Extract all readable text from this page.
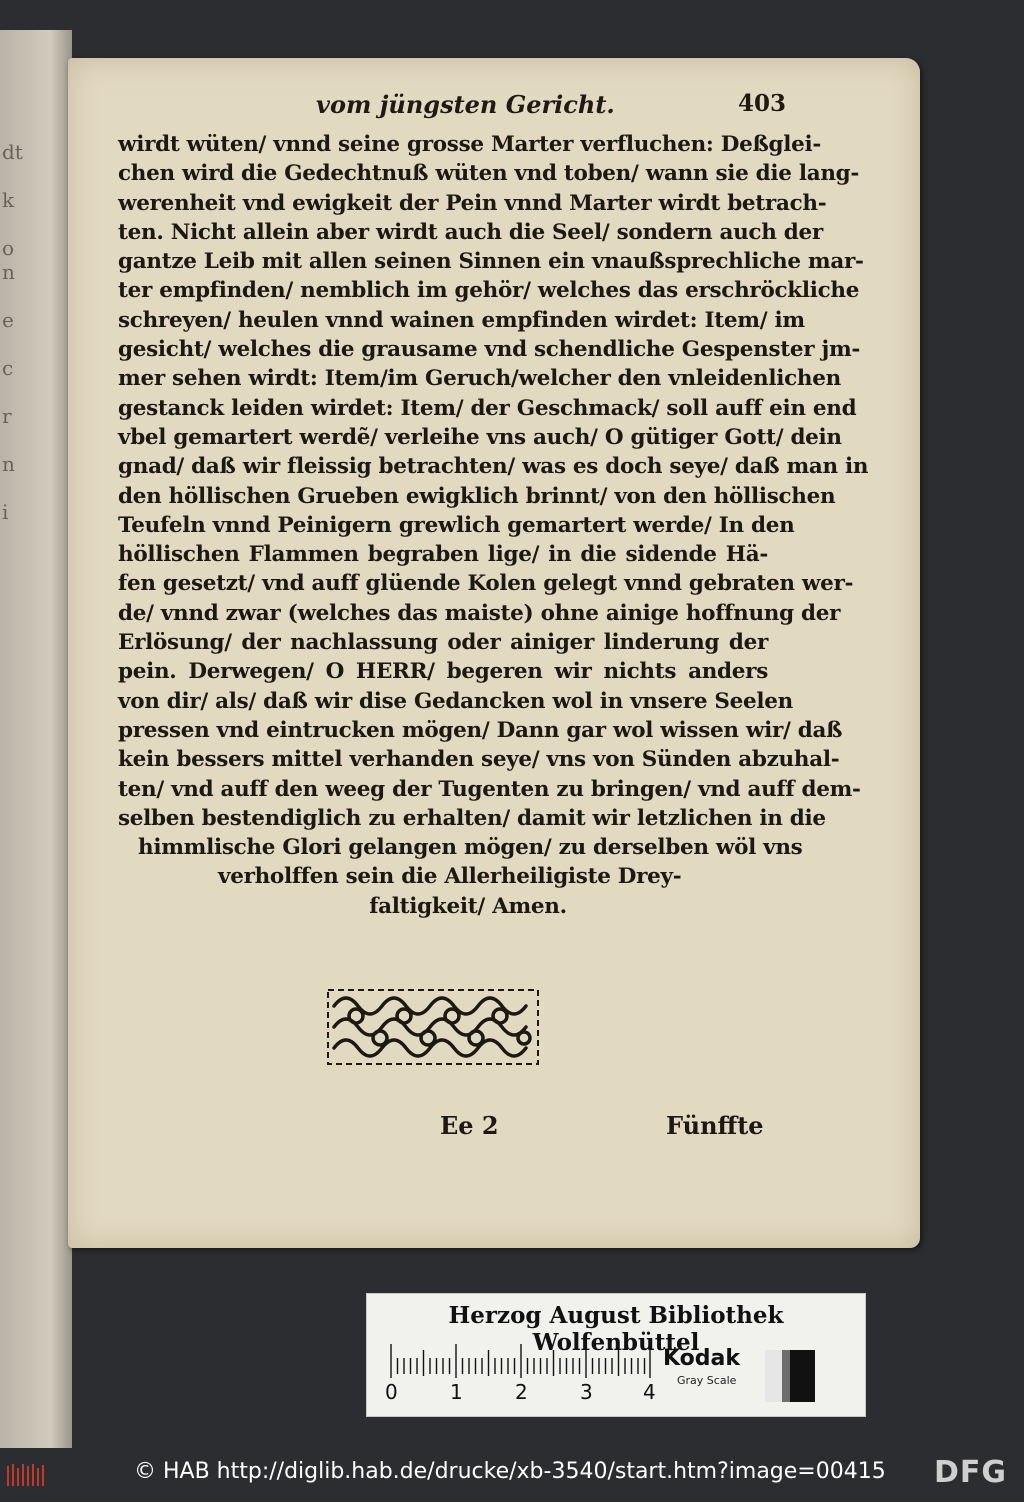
dt

k

o
n

e

c

r

n

i
vom jüngsten Gericht.	403
wirdt wüten/ vnnd seine grosse Marter verfluchen: Deßglei-
chen wird die Gedechtnuß wüten vnd toben/ wann sie die lang-
werenheit vnd ewigkeit der Pein vnnd Marter wirdt betrach-
ten. Nicht allein aber wirdt auch die Seel/ sondern auch der
gantze Leib mit allen seinen Sinnen ein vnaußsprechliche mar-
ter empfinden/ nemblich im gehör/ welches das erschröckliche
schreyen/ heulen vnnd wainen empfinden wirdet: Item/ im
gesicht/ welches die grausame vnd schendliche Gespenster jm-
mer sehen wirdt: Item/im Geruch/welcher den vnleidenlichen
gestanck leiden wirdet: Item/ der Geschmack/ soll auff ein end
vbel gemartert werdẽ/ verleihe vns auch/ O gütiger Gott/ dein
gnad/ daß wir fleissig betrachten/ was es doch seye/ daß man in
den höllischen Grueben ewigklich brinnt/ von den höllischen
Teufeln vnnd Peinigern grewlich gemartert werde/ In den
höllischen Flammen begraben lige/ in die sidende Hä-
fen gesetzt/ vnd auff glüende Kolen gelegt vnnd gebraten wer-
de/ vnnd zwar (welches das maiste) ohne ainige hoffnung der
Erlösung/ der nachlassung oder ainiger linderung der
pein. Derwegen/ O HERR/ begeren wir nichts anders
von dir/ als/ daß wir dise Gedancken wol in vnsere Seelen
pressen vnd eintrucken mögen/ Dann gar wol wissen wir/ daß
kein bessers mittel verhanden seye/ vns von Sünden abzuhal-
ten/ vnd auff den weeg der Tugenten zu bringen/ vnd auff dem-
selben bestendiglich zu erhalten/ damit wir letzlichen in die
himmlische Glori gelangen mögen/ zu derselben wöl vns
verholffen sein die Allerheiligiste Drey-
faltigkeit/ Amen.
Ee 2	Fünffte
Herzog August Bibliothek Wolfenbüttel
0	1	2	3	4
Kodak
Gray Scale
© HAB http://diglib.hab.de/drucke/xb-3540/start.htm?image=00415 DFG
